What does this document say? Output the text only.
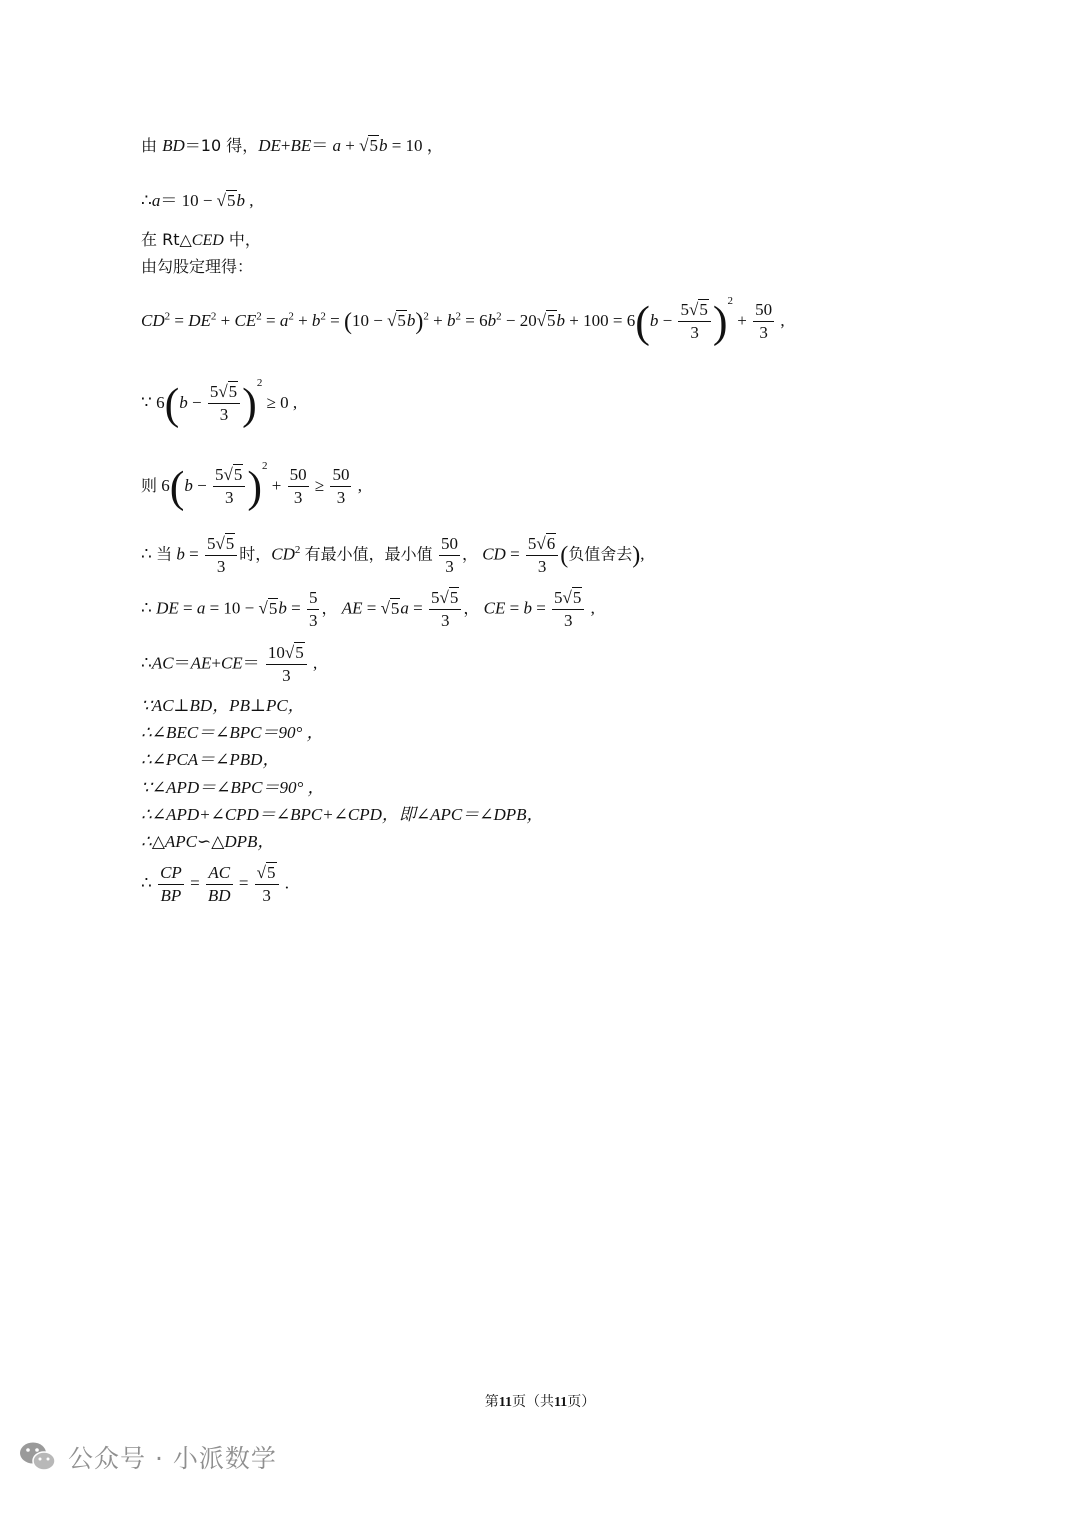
由 BD＝10 得，DE+BE＝ a + √5b = 10 ，
∴a＝ 10 − √5b ,
在 Rt△CED 中，
由勾股定理得：
$CD^2 = DE^2 + CE^2 = a^2 + b^2 = (10 - √5b)^2 + b^2 = 6b^2 - 20√5b + 100 = 6(b - \frac{5√5}{3} )^2 + \frac{50}{3}$ ,
∵ $6(b - \frac{5√5}{3} )^2 \ge 0$ ,
则 $6(b - \frac{5√5}{3} )^2 + \frac{50}{3} \ge \frac{50}{3}$ ,
∴ 当 $b = \frac{5√5}{3}$ 时，$CD^2$ 有最小值，最小值 $\frac{50}{3}$ ， CD = $\frac{5√6}{3}$ (负值舍去),
∴ DE = $a = 10 - √5b = \frac{5}{3}$ ， AE = $√5a = \frac{5√5}{3}$ ， CE = $b = \frac{5√5}{3}$ ,
∴AC＝AE+CE＝ $\frac{10√5}{3}$ ,
∵AC⊥BD，PB⊥PC，
∴∠BEC＝∠BPC＝90° ，
∴∠PCA＝∠PBD，
∵∠APD＝∠BPC＝90° ，
∴∠APD+∠CPD＝∠BPC+∠CPD，即∠APC＝∠DPB，
∴△APC∽△DPB，
∴ $\frac{CP}{BP} = \frac{AC}{BD} = \frac{√5}{3}$ .
第11页（共11页）
公众号 · 小派数学
